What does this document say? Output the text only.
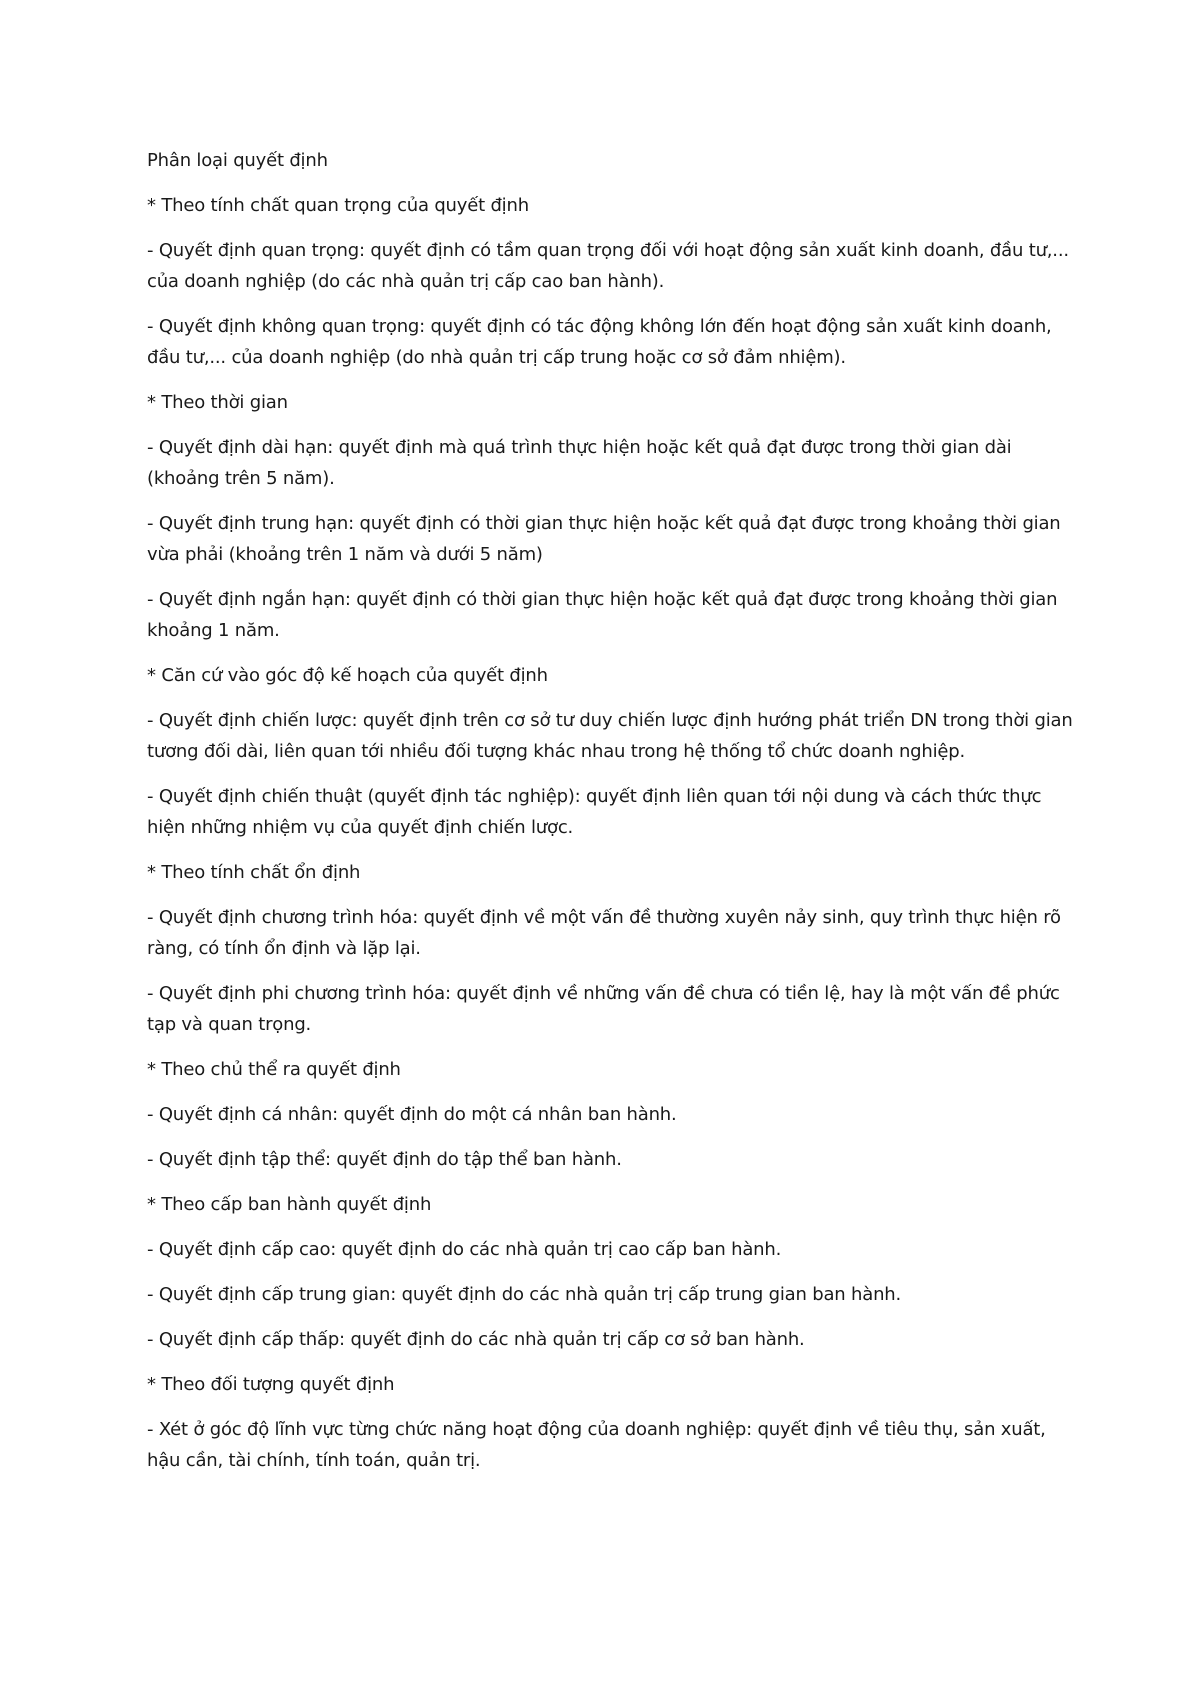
Phân loại quyết định

* Theo tính chất quan trọng của quyết định

- Quyết định quan trọng: quyết định có tầm quan trọng đối với hoạt động sản xuất kinh doanh, đầu tư,... của doanh nghiệp (do các nhà quản trị cấp cao ban hành).

- Quyết định không quan trọng: quyết định có tác động không lớn đến hoạt động sản xuất kinh doanh, đầu tư,... của doanh nghiệp (do nhà quản trị cấp trung hoặc cơ sở đảm nhiệm).

* Theo thời gian

- Quyết định dài hạn: quyết định mà quá trình thực hiện hoặc kết quả đạt được trong thời gian dài (khoảng trên 5 năm).

- Quyết định trung hạn: quyết định có thời gian thực hiện hoặc kết quả đạt được trong khoảng thời gian vừa phải (khoảng trên 1 năm và dưới 5 năm)

- Quyết định ngắn hạn: quyết định có thời gian thực hiện hoặc kết quả đạt được trong khoảng thời gian khoảng 1 năm.

* Căn cứ vào góc độ kế hoạch của quyết định

- Quyết định chiến lược: quyết định trên cơ sở tư duy chiến lược định hướng phát triển DN trong thời gian tương đối dài, liên quan tới nhiều đối tượng khác nhau trong hệ thống tổ chức doanh nghiệp.

- Quyết định chiến thuật (quyết định tác nghiệp): quyết định liên quan tới nội dung và cách thức thực hiện những nhiệm vụ của quyết định chiến lược.

* Theo tính chất ổn định

- Quyết định chương trình hóa: quyết định về một vấn đề thường xuyên nảy sinh, quy trình thực hiện rõ ràng, có tính ổn định và lặp lại.

- Quyết định phi chương trình hóa: quyết định về những vấn đề chưa có tiền lệ, hay là một vấn đề phức tạp và quan trọng.

* Theo chủ thể ra quyết định

- Quyết định cá nhân: quyết định do một cá nhân ban hành.

- Quyết định tập thể: quyết định do tập thể ban hành.

* Theo cấp ban hành quyết định

- Quyết định cấp cao: quyết định do các nhà quản trị cao cấp ban hành.

- Quyết định cấp trung gian: quyết định do các nhà quản trị cấp trung gian ban hành.

- Quyết định cấp thấp: quyết định do các nhà quản trị cấp cơ sở ban hành.

* Theo đối tượng quyết định

- Xét ở góc độ lĩnh vực từng chức năng hoạt động của doanh nghiệp: quyết định về tiêu thụ, sản xuất, hậu cần, tài chính, tính toán, quản trị.
